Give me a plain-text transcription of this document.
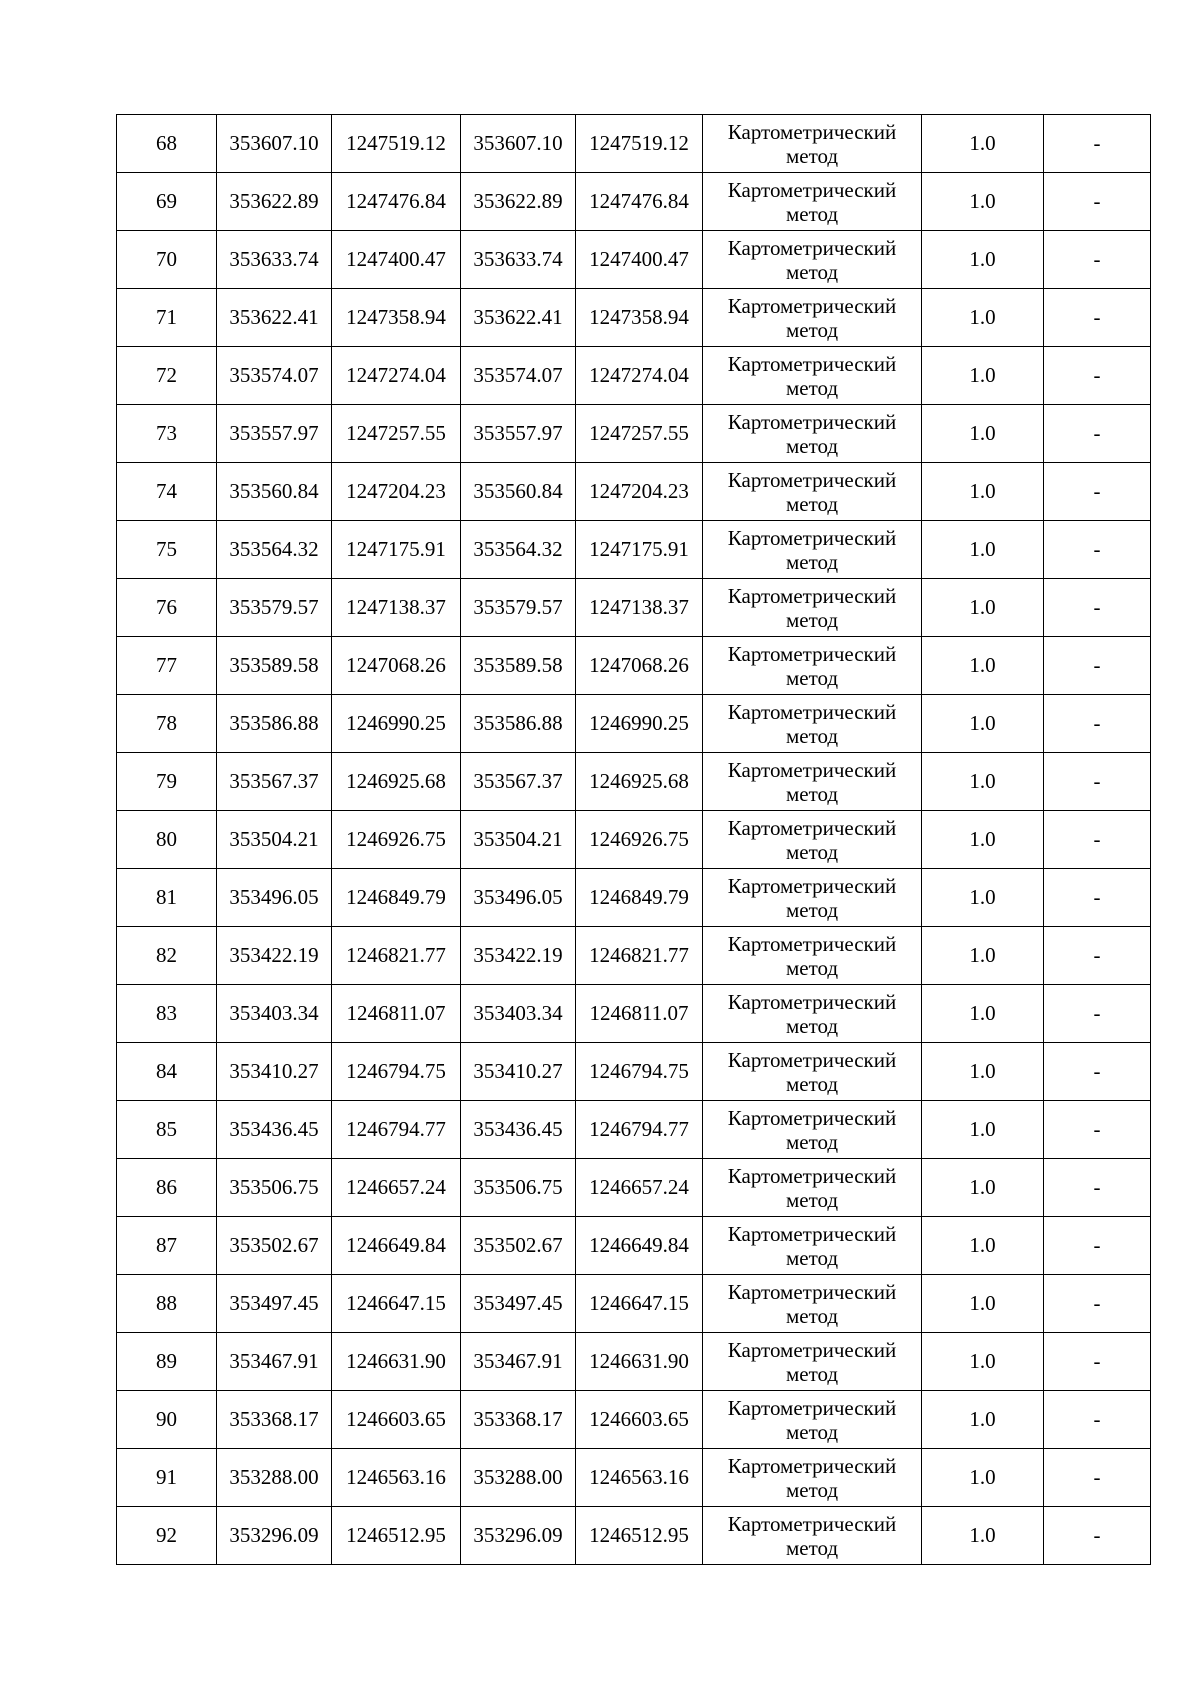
68	353607.10	1247519.12	353607.10	1247519.12	Картометрический
метод	1.0	-
69	353622.89	1247476.84	353622.89	1247476.84	Картометрический
метод	1.0	-
70	353633.74	1247400.47	353633.74	1247400.47	Картометрический
метод	1.0	-
71	353622.41	1247358.94	353622.41	1247358.94	Картометрический
метод	1.0	-
72	353574.07	1247274.04	353574.07	1247274.04	Картометрический
метод	1.0	-
73	353557.97	1247257.55	353557.97	1247257.55	Картометрический
метод	1.0	-
74	353560.84	1247204.23	353560.84	1247204.23	Картометрический
метод	1.0	-
75	353564.32	1247175.91	353564.32	1247175.91	Картометрический
метод	1.0	-
76	353579.57	1247138.37	353579.57	1247138.37	Картометрический
метод	1.0	-
77	353589.58	1247068.26	353589.58	1247068.26	Картометрический
метод	1.0	-
78	353586.88	1246990.25	353586.88	1246990.25	Картометрический
метод	1.0	-
79	353567.37	1246925.68	353567.37	1246925.68	Картометрический
метод	1.0	-
80	353504.21	1246926.75	353504.21	1246926.75	Картометрический
метод	1.0	-
81	353496.05	1246849.79	353496.05	1246849.79	Картометрический
метод	1.0	-
82	353422.19	1246821.77	353422.19	1246821.77	Картометрический
метод	1.0	-
83	353403.34	1246811.07	353403.34	1246811.07	Картометрический
метод	1.0	-
84	353410.27	1246794.75	353410.27	1246794.75	Картометрический
метод	1.0	-
85	353436.45	1246794.77	353436.45	1246794.77	Картометрический
метод	1.0	-
86	353506.75	1246657.24	353506.75	1246657.24	Картометрический
метод	1.0	-
87	353502.67	1246649.84	353502.67	1246649.84	Картометрический
метод	1.0	-
88	353497.45	1246647.15	353497.45	1246647.15	Картометрический
метод	1.0	-
89	353467.91	1246631.90	353467.91	1246631.90	Картометрический
метод	1.0	-
90	353368.17	1246603.65	353368.17	1246603.65	Картометрический
метод	1.0	-
91	353288.00	1246563.16	353288.00	1246563.16	Картометрический
метод	1.0	-
92	353296.09	1246512.95	353296.09	1246512.95	Картометрический
метод	1.0	-
